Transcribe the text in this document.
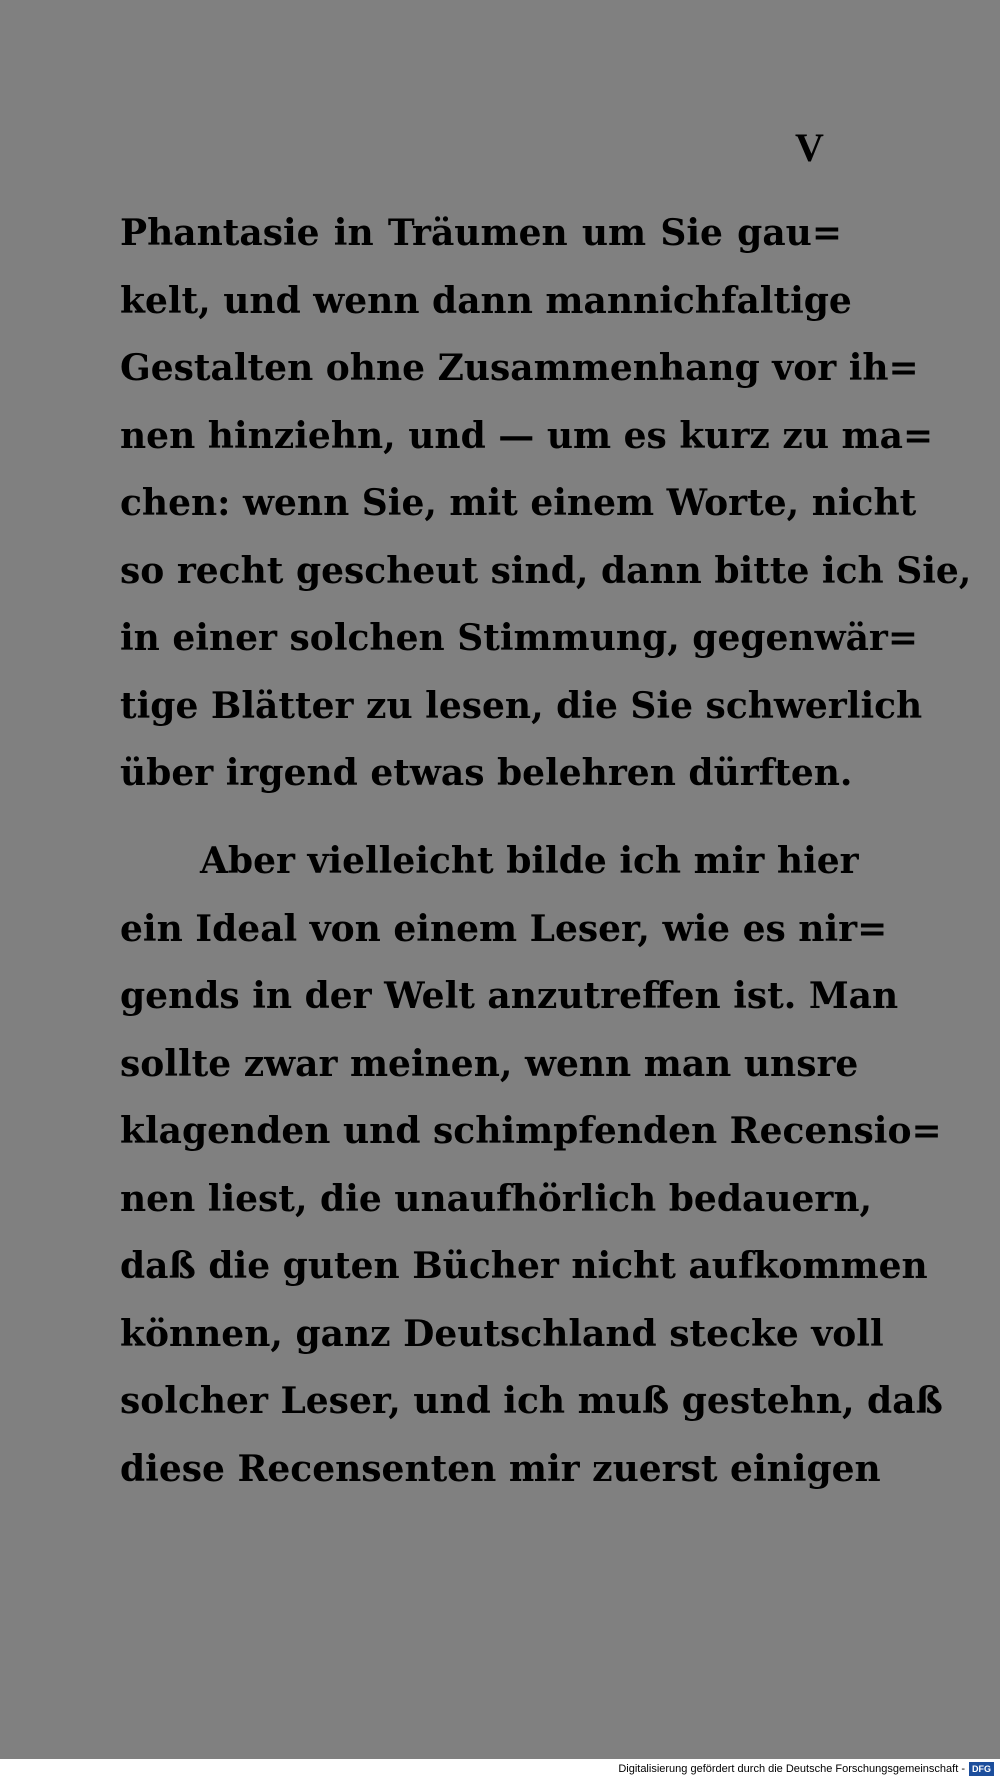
V
Phantasie in Träumen um Sie gau=
kelt, und wenn dann mannichfaltige
Gestalten ohne Zusammenhang vor ih=
nen hinziehn, und — um es kurz zu ma=
chen: wenn Sie, mit einem Worte, nicht
so recht gescheut sind, dann bitte ich Sie,
in einer solchen Stimmung, gegenwär=
tige Blätter zu lesen, die Sie schwerlich
über irgend etwas belehren dürften.
Aber vielleicht bilde ich mir hier
ein Ideal von einem Leser, wie es nir=
gends in der Welt anzutreffen ist. Man
sollte zwar meinen, wenn man unsre
klagenden und schimpfenden Recensio=
nen liest, die unaufhörlich bedauern,
daß die guten Bücher nicht aufkommen
können, ganz Deutschland stecke voll
solcher Leser, und ich muß gestehn, daß
diese Recensenten mir zuerst einigen
Digitalisierung gefördert durch die Deutsche Forschungsgemeinschaft - DFG
